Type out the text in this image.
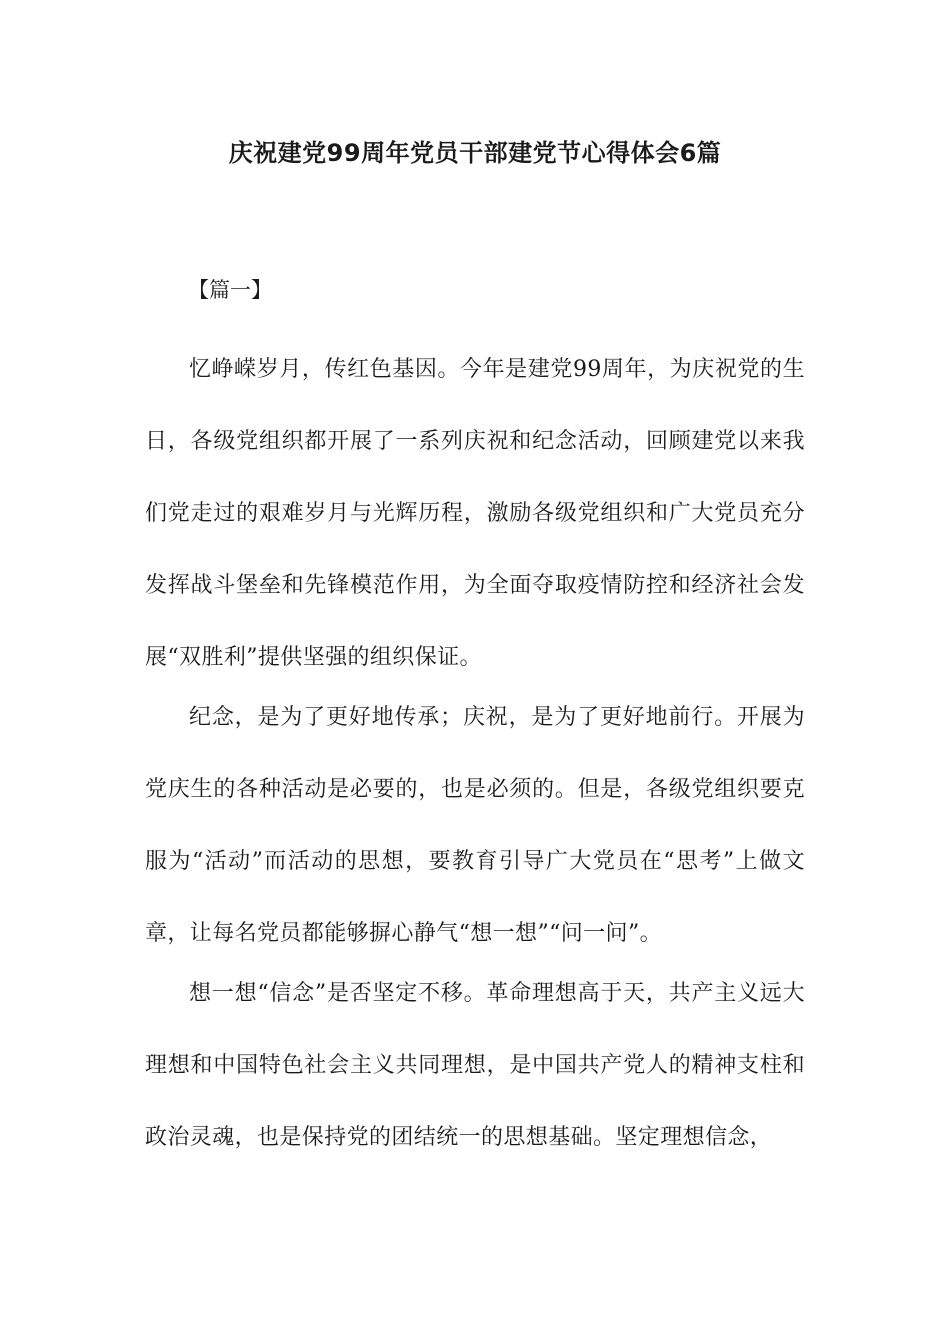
庆祝建党99周年党员干部建党节心得体会6篇

【篇一】

忆峥嵘岁月，传红色基因。今年是建党99周年，为庆祝党的生日，各级党组织都开展了一系列庆祝和纪念活动，回顾建党以来我们党走过的艰难岁月与光辉历程，激励各级党组织和广大党员充分发挥战斗堡垒和先锋模范作用，为全面夺取疫情防控和经济社会发展“双胜利”提供坚强的组织保证。

纪念，是为了更好地传承；庆祝，是为了更好地前行。开展为党庆生的各种活动是必要的，也是必须的。但是，各级党组织要克服为“活动”而活动的思想，要教育引导广大党员在“思考”上做文章，让每名党员都能够摒心静气“想一想”“问一问”。

想一想“信念”是否坚定不移。革命理想高于天，共产主义远大理想和中国特色社会主义共同理想，是中国共产党人的精神支柱和政治灵魂，也是保持党的团结统一的思想基础。坚定理想信念，
